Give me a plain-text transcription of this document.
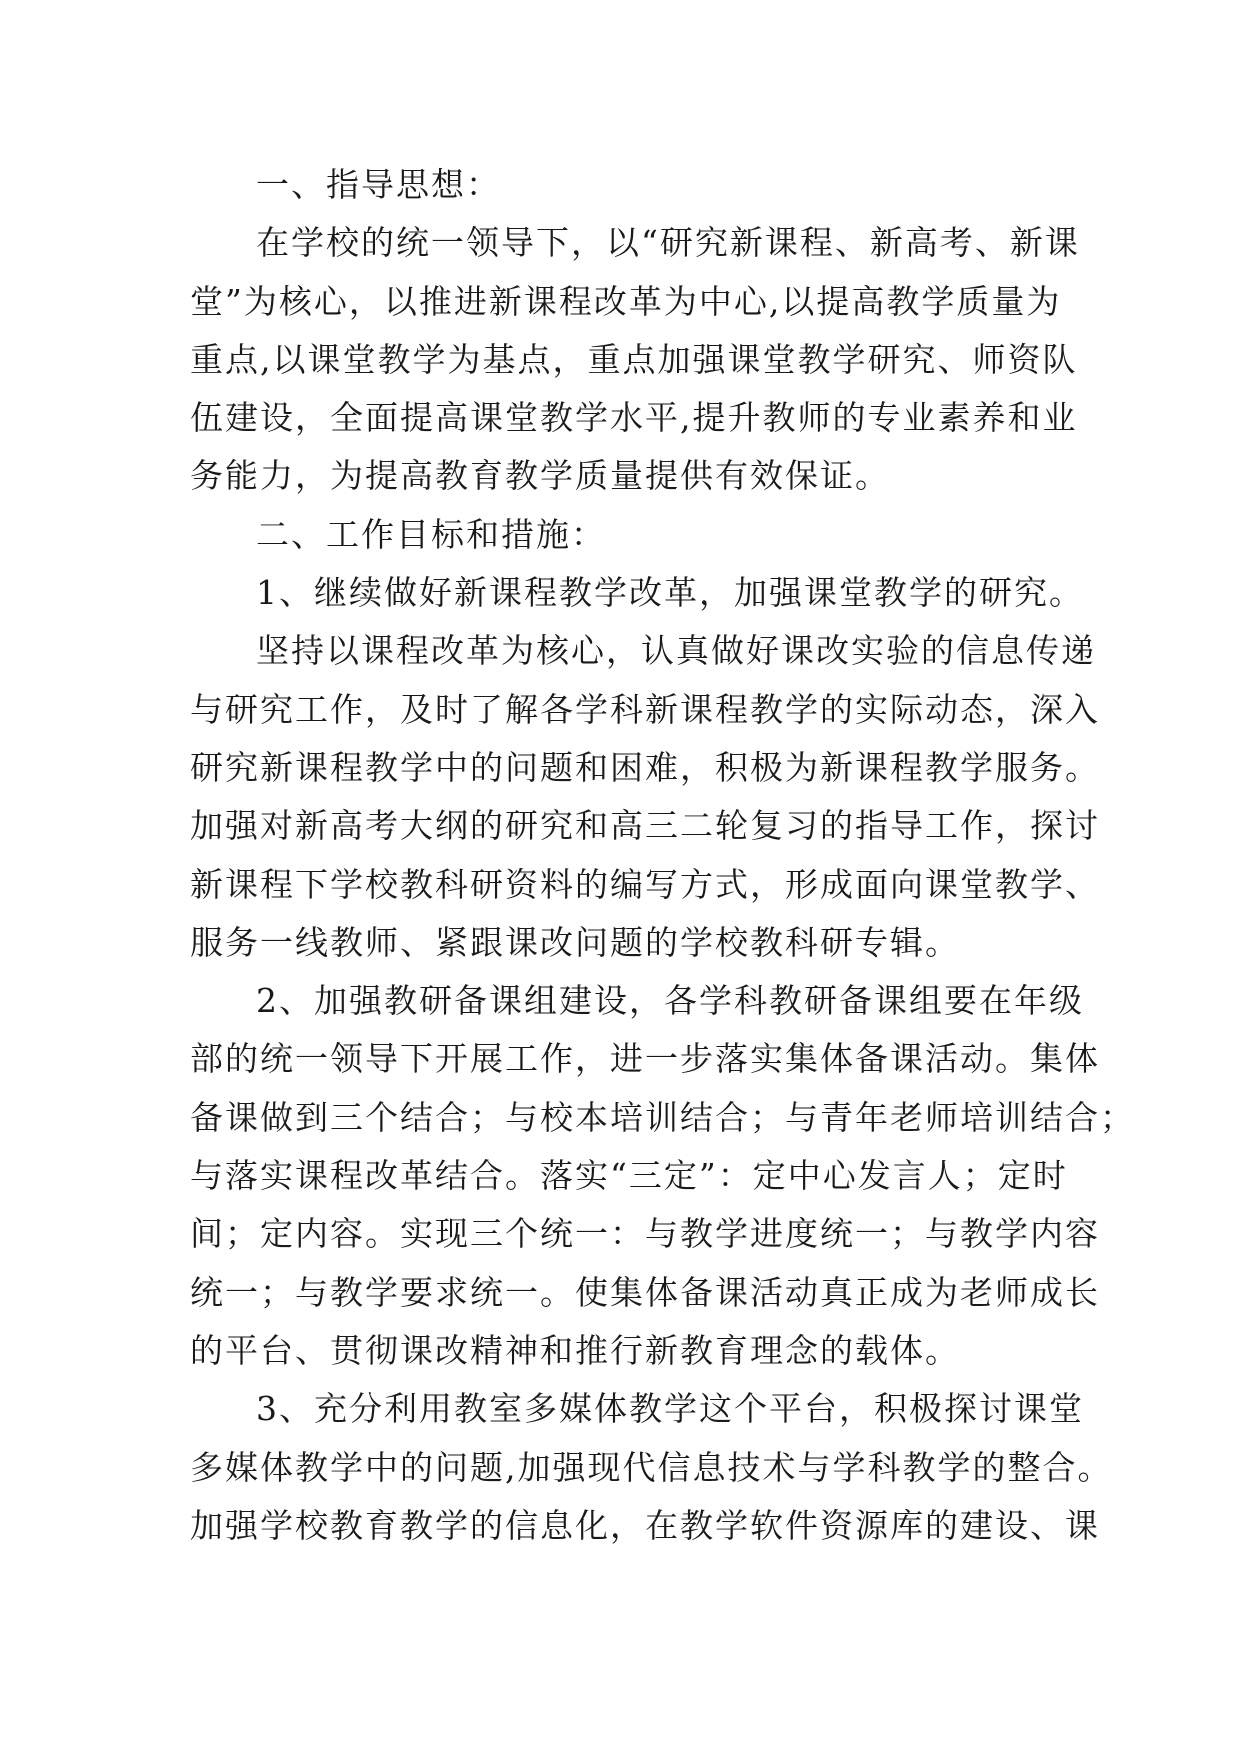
一、指导思想：
在学校的统一领导下，以“研究新课程、新高考、新课
堂”为核心，以推进新课程改革为中心,以提高教学质量为
重点,以课堂教学为基点，重点加强课堂教学研究、师资队
伍建设，全面提高课堂教学水平,提升教师的专业素养和业
务能力，为提高教育教学质量提供有效保证。
二、工作目标和措施：
1、继续做好新课程教学改革，加强课堂教学的研究。
坚持以课程改革为核心，认真做好课改实验的信息传递
与研究工作，及时了解各学科新课程教学的实际动态，深入
研究新课程教学中的问题和困难，积极为新课程教学服务。
加强对新高考大纲的研究和高三二轮复习的指导工作，探讨
新课程下学校教科研资料的编写方式，形成面向课堂教学、
服务一线教师、紧跟课改问题的学校教科研专辑。
2、加强教研备课组建设，各学科教研备课组要在年级
部的统一领导下开展工作，进一步落实集体备课活动。集体
备课做到三个结合；与校本培训结合；与青年老师培训结合；
与落实课程改革结合。落实“三定”：定中心发言人；定时
间；定内容。实现三个统一：与教学进度统一；与教学内容
统一；与教学要求统一。使集体备课活动真正成为老师成长
的平台、贯彻课改精神和推行新教育理念的载体。
3、充分利用教室多媒体教学这个平台，积极探讨课堂
多媒体教学中的问题,加强现代信息技术与学科教学的整合。
加强学校教育教学的信息化，在教学软件资源库的建设、课
